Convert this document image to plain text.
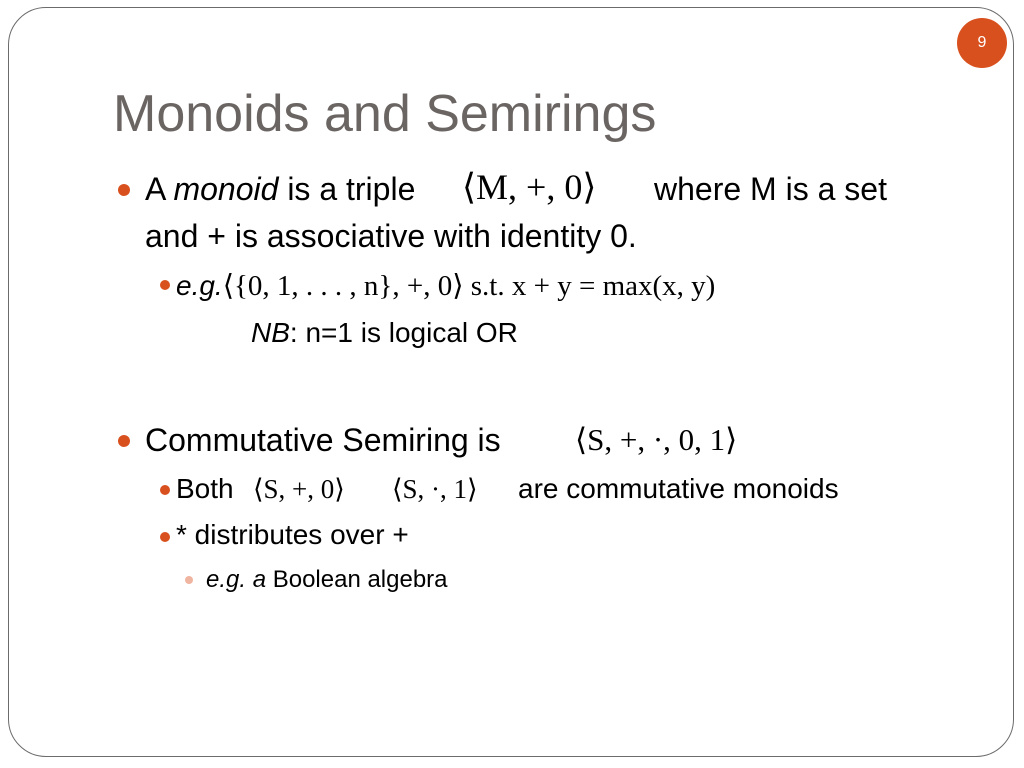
9
Monoids and Semirings
A monoid is a triple ⟨M, +, 0⟩ where M is a set
and + is associative with identity 0.
e.g.⟨{0, 1, . . . , n}, +, 0⟩ s.t. x + y = max(x, y)
NB: n=1 is logical OR
Commutative Semiring is ⟨S, +, ·, 0, 1⟩
Both ⟨S, +, 0⟩ ⟨S, ·, 1⟩ are commutative monoids
* distributes over +
e.g. a Boolean algebra
